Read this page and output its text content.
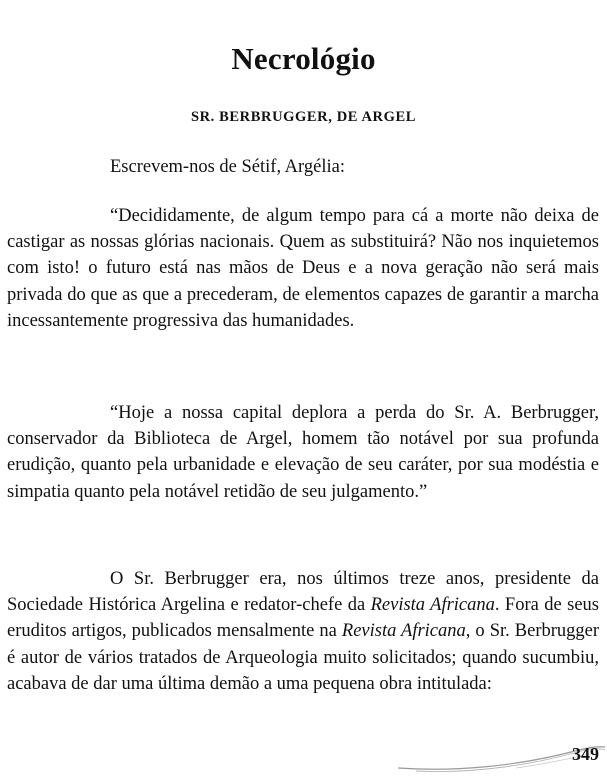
Necrológio
SR. BERBRUGGER, DE ARGEL
Escrevem-nos de Sétif, Argélia:

“Decididamente, de algum tempo para cá a morte não deixa de castigar as nossas glórias nacionais. Quem as substituirá? Não nos inquietemos com isto! o futuro está nas mãos de Deus e a nova geração não será mais privada do que as que a precederam, de elementos capazes de garantir a marcha incessantemente progressiva das humanidades.

“Hoje a nossa capital deplora a perda do Sr. A. Berbrugger, conservador da Biblioteca de Argel, homem tão notável por sua profunda erudição, quanto pela urbanidade e elevação de seu caráter, por sua modéstia e simpatia quanto pela notável retidão de seu julgamento.”

O Sr. Berbrugger era, nos últimos treze anos, presidente da Sociedade Histórica Argelina e redator-chefe da Revista Africana. Fora de seus eruditos artigos, publicados mensalmente na Revista Africana, o Sr. Berbrugger é autor de vários tratados de Arqueologia muito solicitados; quando sucumbiu, acabava de dar uma última demão a uma pequena obra intitulada:

349
